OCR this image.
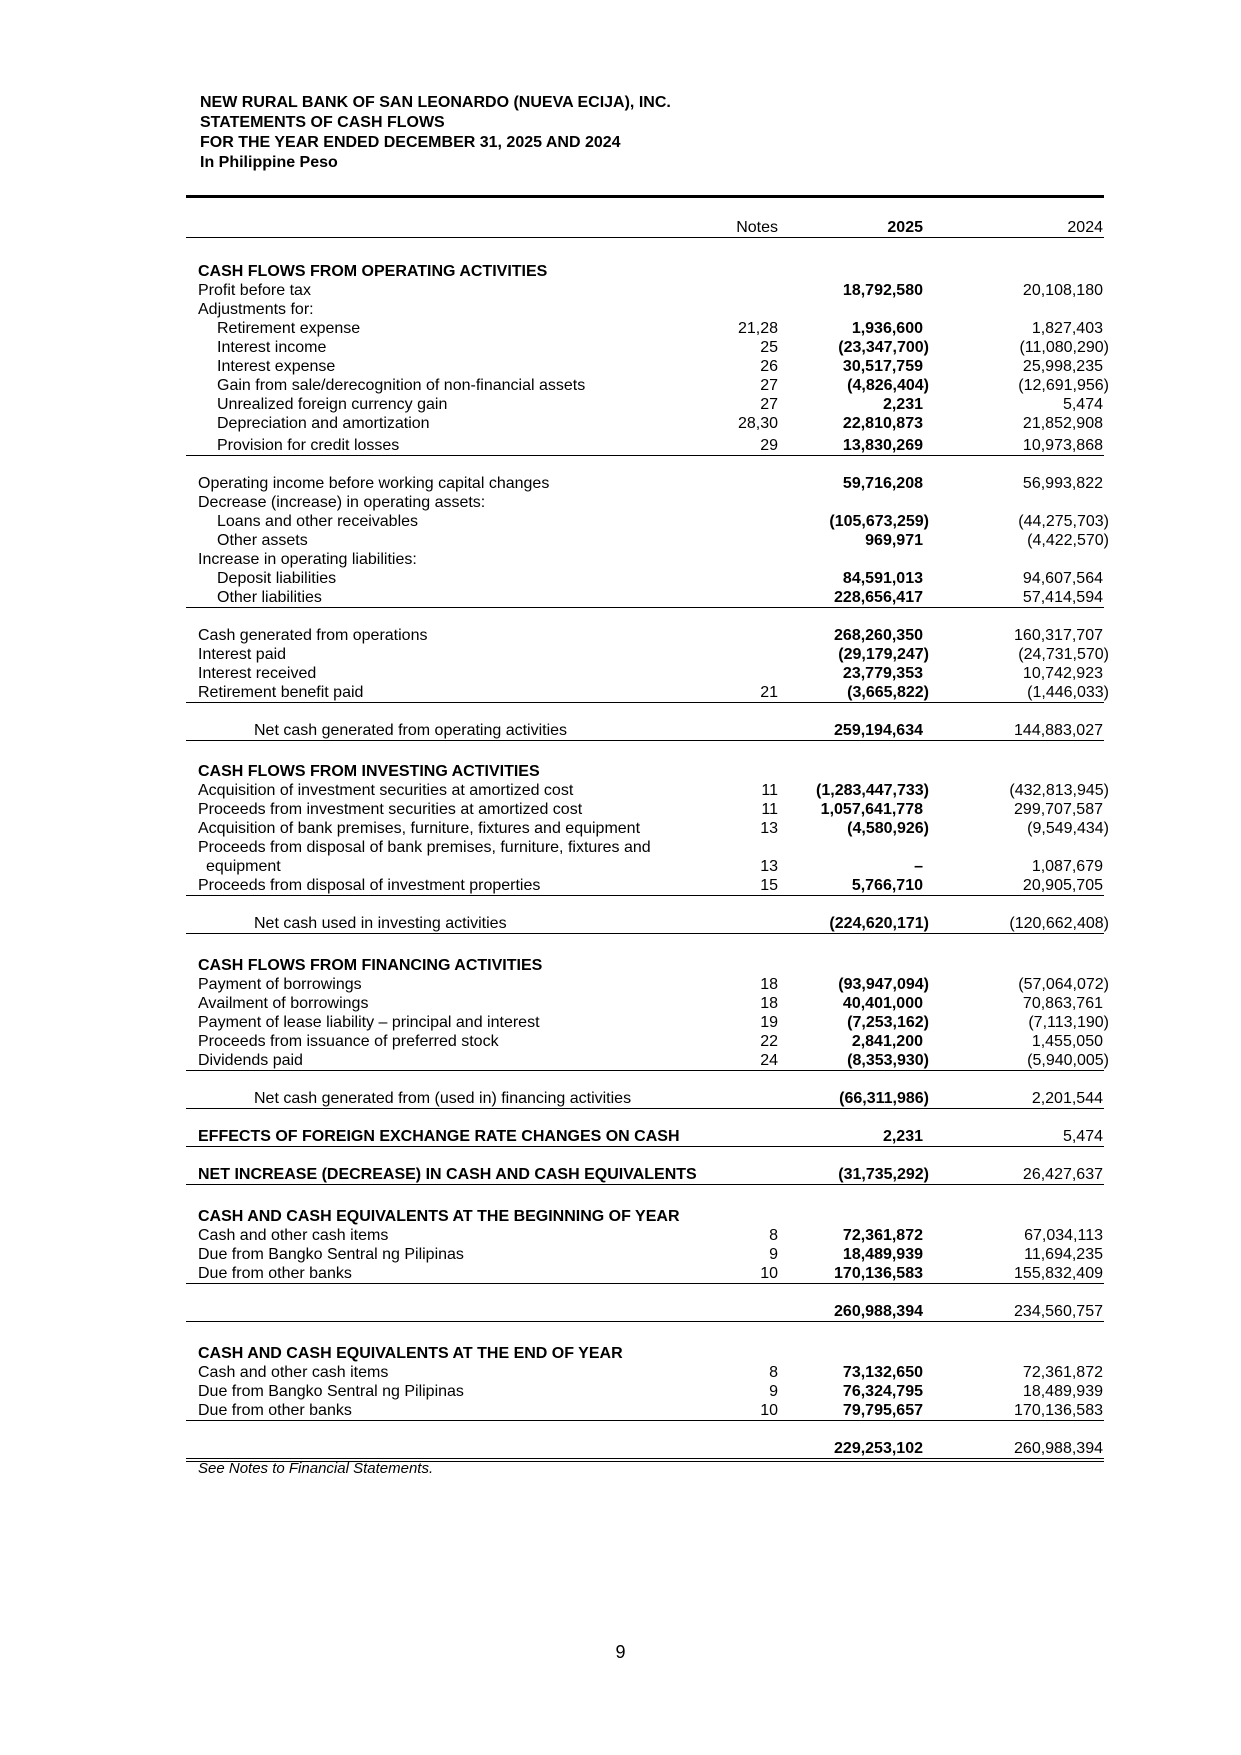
NEW RURAL BANK OF SAN LEONARDO (NUEVA ECIJA), INC.
STATEMENTS OF CASH FLOWS
FOR THE YEAR ENDED DECEMBER 31, 2025 AND 2024
In Philippine Peso
Notes	2025	2024
CASH FLOWS FROM OPERATING ACTIVITIES
Profit before tax	18,792,580	20,108,180
Adjustments for:
Retirement expense	21,28	1,936,600	1,827,403
Interest income	25	(23,347,700)	(11,080,290)
Interest expense	26	30,517,759	25,998,235
Gain from sale/derecognition of non-financial assets	27	(4,826,404)	(12,691,956)
Unrealized foreign currency gain	27	2,231	5,474
Depreciation and amortization	28,30	22,810,873	21,852,908
Provision for credit losses	29	13,830,269	10,973,868
Operating income before working capital changes	59,716,208	56,993,822
Decrease (increase) in operating assets:
Loans and other receivables	(105,673,259)	(44,275,703)
Other assets	969,971	(4,422,570)
Increase in operating liabilities:
Deposit liabilities	84,591,013	94,607,564
Other liabilities	228,656,417	57,414,594
Cash generated from operations	268,260,350	160,317,707
Interest paid	(29,179,247)	(24,731,570)
Interest received	23,779,353	10,742,923
Retirement benefit paid	21	(3,665,822)	(1,446,033)
Net cash generated from operating activities	259,194,634	144,883,027
CASH FLOWS FROM INVESTING ACTIVITIES
Acquisition of investment securities at amortized cost	11 (1,283,447,733)	(432,813,945)
Proceeds from investment securities at amortized cost	11	1,057,641,778	299,707,587
Acquisition of bank premises, furniture, fixtures and equipment	13	(4,580,926)	(9,549,434)
Proceeds from disposal of bank premises, furniture, fixtures and
equipment	13	–	1,087,679
Proceeds from disposal of investment properties	15	5,766,710	20,905,705
Net cash used in investing activities	(224,620,171)	(120,662,408)
CASH FLOWS FROM FINANCING ACTIVITIES
Payment of borrowings	18	(93,947,094)	(57,064,072)
Availment of borrowings	18	40,401,000	70,863,761
Payment of lease liability – principal and interest	19	(7,253,162)	(7,113,190)
Proceeds from issuance of preferred stock	22	2,841,200	1,455,050
Dividends paid	24	(8,353,930)	(5,940,005)
Net cash generated from (used in) financing activities	(66,311,986)	2,201,544
EFFECTS OF FOREIGN EXCHANGE RATE CHANGES ON CASH	2,231	5,474
NET INCREASE (DECREASE) IN CASH AND CASH EQUIVALENTS	(31,735,292)	26,427,637
CASH AND CASH EQUIVALENTS AT THE BEGINNING OF YEAR
Cash and other cash items	8	72,361,872	67,034,113
Due from Bangko Sentral ng Pilipinas	9	18,489,939	11,694,235
Due from other banks	10	170,136,583	155,832,409
260,988,394	234,560,757
CASH AND CASH EQUIVALENTS AT THE END OF YEAR
Cash and other cash items	8	73,132,650	72,361,872
Due from Bangko Sentral ng Pilipinas	9	76,324,795	18,489,939
Due from other banks	10	79,795,657	170,136,583
229,253,102	260,988,394
See Notes to Financial Statements.
9
